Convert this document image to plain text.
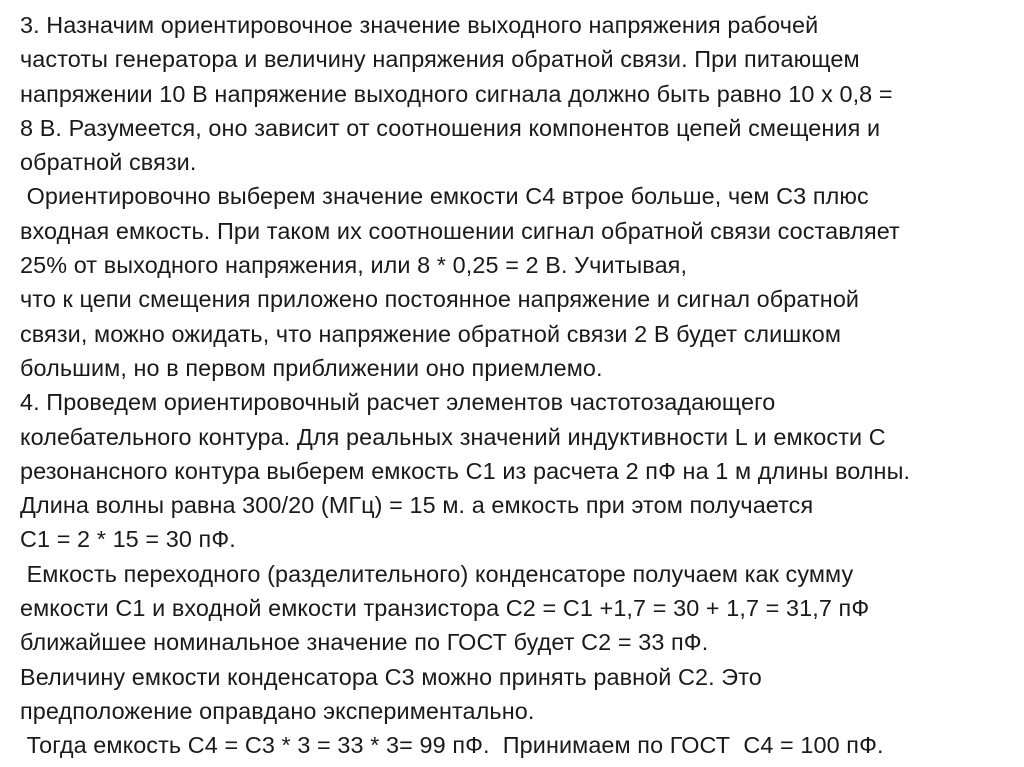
3. Назначим ориентировочное значение выходного напряжения рабочей
частоты генератора и величину напряжения обратной связи. При питающем
напряжении 10 В напряжение выходного сигнала должно быть равно 10 x 0,8 =
8 В. Разумеется, оно зависит от соотношения компонентов цепей смещения и
обратной связи.
Ориентировочно выберем значение емкости С4 втрое больше, чем С3 плюс
входная емкость. При таком их соотношении сигнал обратной связи составляет
25% от выходного напряжения, или 8 * 0,25 = 2 В. Учитывая,
что к цепи смещения приложено постоянное напряжение и сигнал обратной
связи, можно ожидать, что напряжение обратной связи 2 В будет слишком
большим, но в первом приближении оно приемлемо.
4. Проведем ориентировочный расчет элементов частотозадающего
колебательного контура. Для реальных значений индуктивности L и емкости С
резонансного контура выберем емкость С1 из расчета 2 пФ на 1 м длины волны.
Длина волны равна 300/20 (МГц) = 15 м. а емкость при этом получается
С1 = 2 * 15 = 30 пФ.
Емкость переходного (разделительного) конденсаторе получаем как сумму
емкости С1 и входной емкости транзистора С2 = С1 +1,7 = 30 + 1,7 = 31,7 пФ
ближайшее номинальное значение по ГОСТ будет С2 = 33 пФ.
Величину емкости конденсатора С3 можно принять равной С2. Это
предположение оправдано экспериментально.
Тогда емкость С4 = С3 * 3 = 33 * 3= 99 пФ.  Принимаем по ГОСТ  С4 = 100 пФ.
